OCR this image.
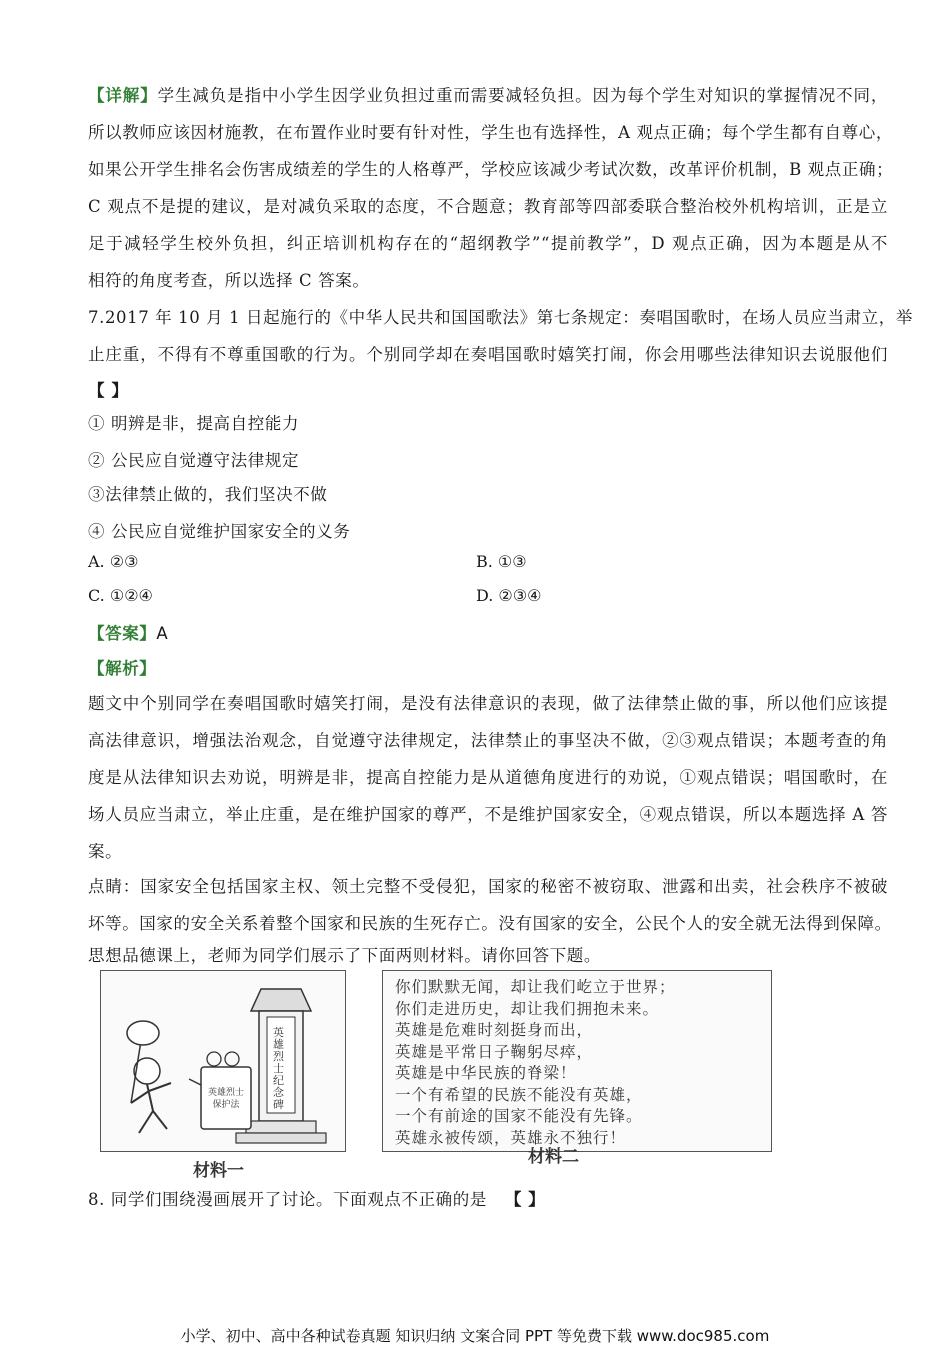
【详解】学生减负是指中小学生因学业负担过重而需要减轻负担。因为每个学生对知识的掌握情况不同，
所以教师应该因材施教，在布置作业时要有针对性，学生也有选择性，A 观点正确；每个学生都有自尊心，
如果公开学生排名会伤害成绩差的学生的人格尊严，学校应该减少考试次数，改革评价机制，B 观点正确；
C 观点不是提的建议，是对减负采取的态度，不合题意；教育部等四部委联合整治校外机构培训，正是立
足于减轻学生校外负担，纠正培训机构存在的“超纲教学”“提前教学”，D 观点正确，因为本题是从不
相符的角度考查，所以选择 C 答案。
7.2017 年 10 月 1 日起施行的《中华人民共和国国歌法》第七条规定：奏唱国歌时，在场人员应当肃立，举
止庄重，不得有不尊重国歌的行为。个别同学却在奏唱国歌时嬉笑打闹，你会用哪些法律知识去说服他们
【 】
① 明辨是非，提高自控能力
② 公民应自觉遵守法律规定
③法律禁止做的，我们坚决不做
④ 公民应自觉维护国家安全的义务
A. ②③	B. ①③
C. ①②④	D. ②③④
【答案】A
【解析】
题文中个别同学在奏唱国歌时嬉笑打闹，是没有法律意识的表现，做了法律禁止做的事，所以他们应该提
高法律意识，增强法治观念，自觉遵守法律规定，法律禁止的事坚决不做，②③观点错误；本题考查的角
度是从法律知识去劝说，明辨是非，提高自控能力是从道德角度进行的劝说，①观点错误；唱国歌时，在
场人员应当肃立，举止庄重，是在维护国家的尊严，不是维护国家安全，④观点错误，所以本题选择 A 答
案。
点睛：国家安全包括国家主权、领土完整不受侵犯，国家的秘密不被窃取、泄露和出卖，社会秩序不被破
坏等。国家的安全关系着整个国家和民族的生死存亡。没有国家的安全，公民个人的安全就无法得到保障。
思想品德课上，老师为同学们展示了下面两则材料。请你回答下题。
英雄烈士纪念碑
英雄烈士保护法
材料一
你们默默无闻，却让我们屹立于世界；
你们走进历史，却让我们拥抱未来。
英雄是危难时刻挺身而出，
英雄是平常日子鞠躬尽瘁，
英雄是中华民族的脊梁！
一个有希望的民族不能没有英雄，
一个有前途的国家不能没有先锋。
英雄永被传颂，英雄永不独行！
材料二
8. 同学们围绕漫画展开了讨论。下面观点不正确的是 【 】
小学、初中、高中各种试卷真题 知识归纳 文案合同 PPT 等免费下载 www.doc985.com
